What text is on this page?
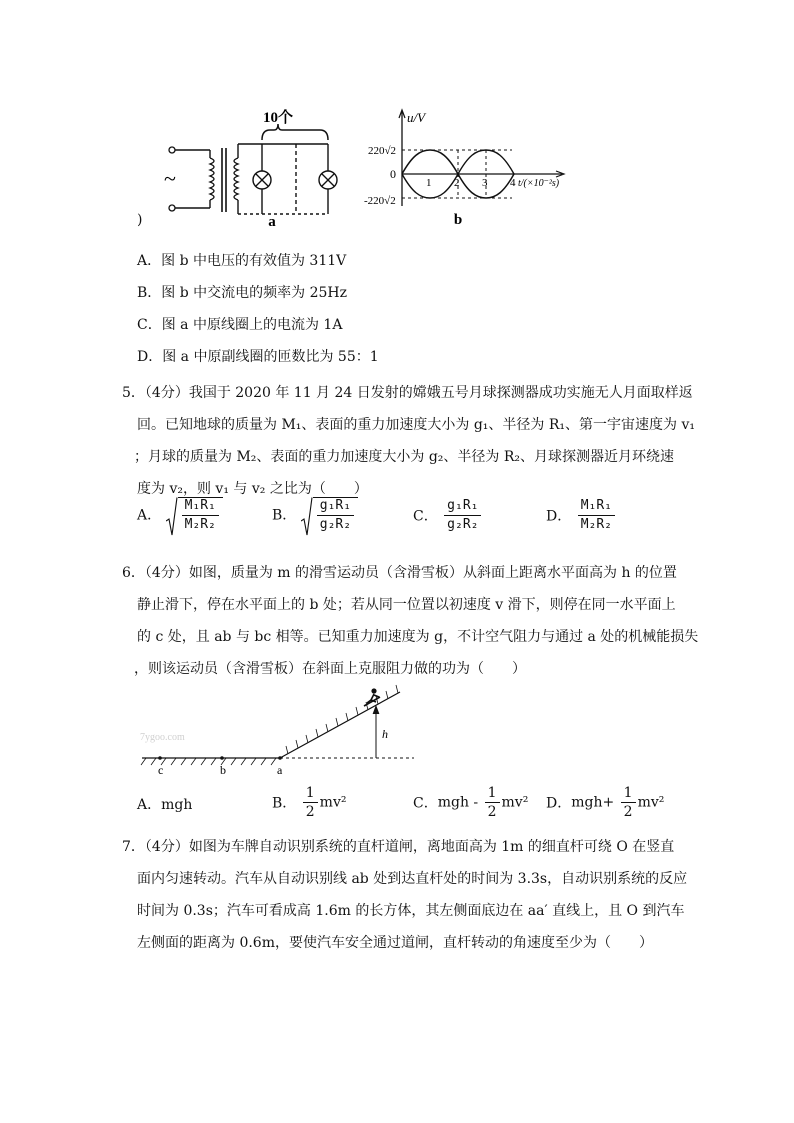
10个
~
a
u/V
220√2
0
-220√2
1 2 3 4 t/(×10⁻²s)
b
)
A．图 b 中电压的有效值为 311V
B．图 b 中交流电的频率为 25Hz
C．图 a 中原线圈上的电流为 1A
D．图 a 中原副线圈的匝数比为 55：1
5．（4分）我国于 2020 年 11 月 24 日发射的嫦娥五号月球探测器成功实施无人月面取样返
回。已知地球的质量为 M₁、表面的重力加速度大小为 g₁、半径为 R₁、第一宇宙速度为 v₁
；月球的质量为 M₂、表面的重力加速度大小为 g₂、半径为 R₂、月球探测器近月环绕速
度为 v₂，则 v₁ 与 v₂ 之比为（　　）
A． $\frac{\text{M₁R₁}}{\text{M₂R₂}}$	B． $\frac{\text{g₁R₁}}{\text{g₂R₂}}$	C． $\frac{\text{g₁R₁}}{\text{g₂R₂}}$	D． $\frac{\text{M₁R₁}}{\text{M₂R₂}}$
6．（4分）如图，质量为 m 的滑雪运动员（含滑雪板）从斜面上距离水平面高为 h 的位置
静止滑下，停在水平面上的 b 处；若从同一位置以初速度 v 滑下，则停在同一水平面上
的 c 处，且 ab 与 bc 相等。已知重力加速度为 g，不计空气阻力与通过 a 处的机械能损失
，则该运动员（含滑雪板）在斜面上克服阻力做的功为（　　）
7ygoo.com	h
c	b	a
A．mgh	B． $\frac{1}{2} mv^2$	C．mgh - $\frac{1}{2} mv^2$ D．$mgh+ \frac{1}{2} mv^2$
7．（4分）如图为车牌自动识别系统的直杆道闸，离地面高为 1m 的细直杆可绕 O 在竖直
面内匀速转动。汽车从自动识别线 ab 处到达直杆处的时间为 3.3s，自动识别系统的反应
时间为 0.3s；汽车可看成高 1.6m 的长方体，其左侧面底边在 aa′ 直线上，且 O 到汽车
左侧面的距离为 0.6m，要使汽车安全通过道闸，直杆转动的角速度至少为（　　）
